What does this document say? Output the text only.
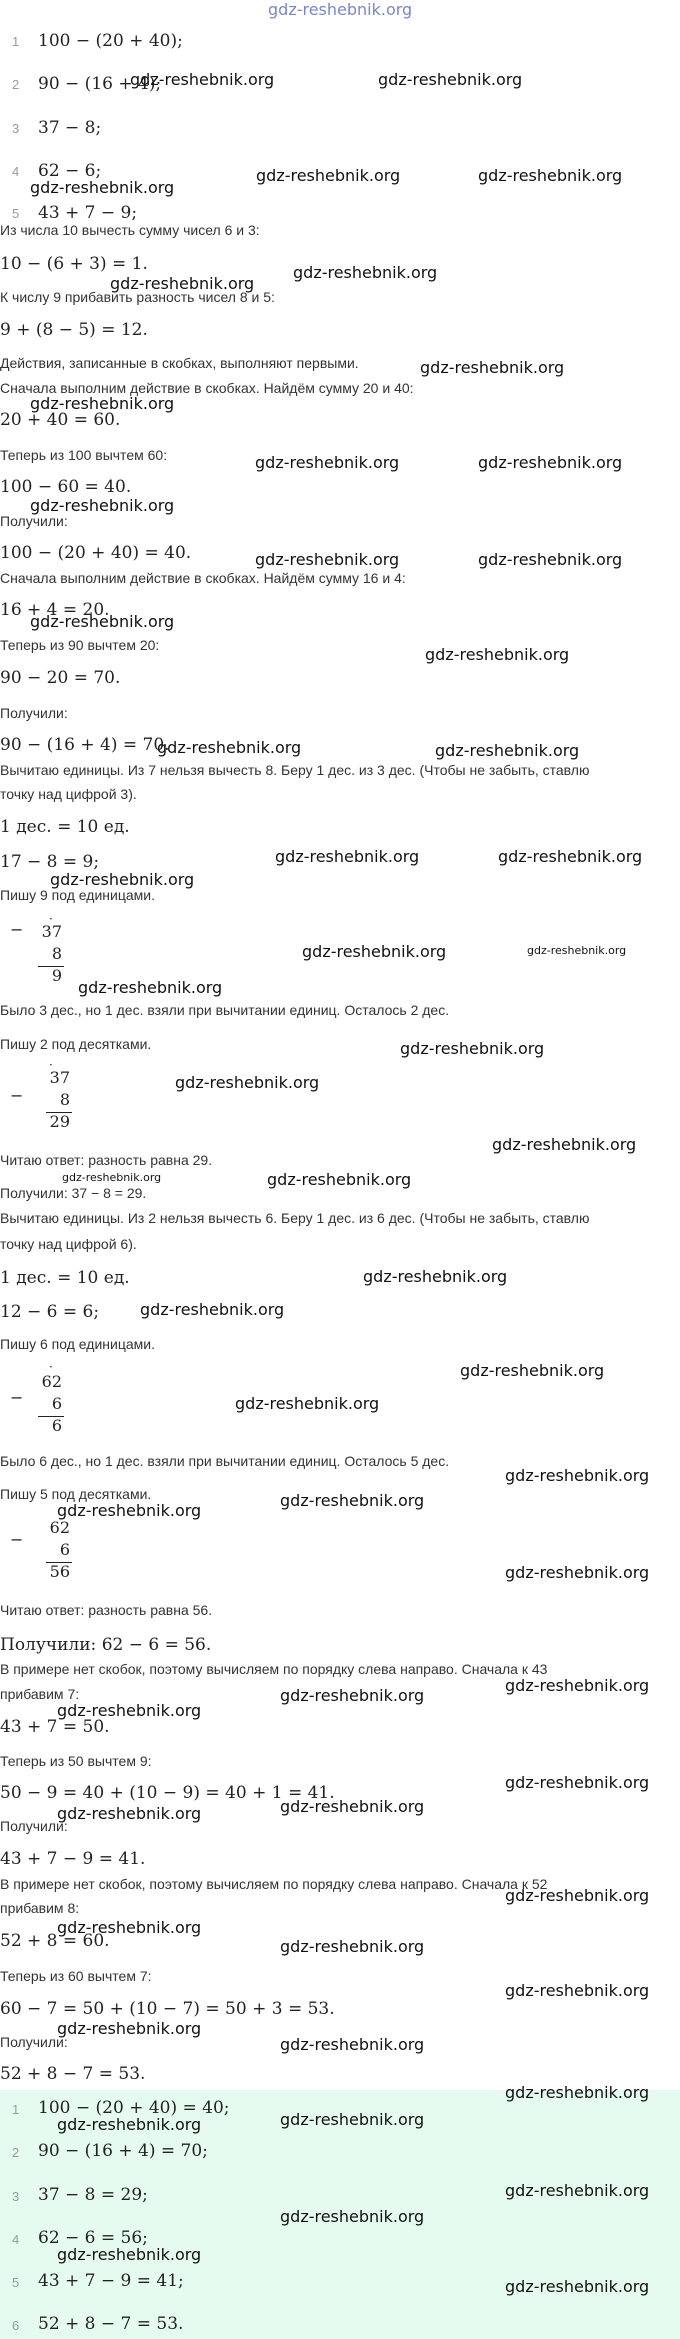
gdz-reshebnik.org
1 100 − (20 + 40);
2 90 − (16 + 4);
3 37 − 8;
4 62 − 6;
5 43 + 7 − 9;
Из числа 10 вычесть сумму чисел 6 и 3:
10 − (6 + 3) = 1.
К числу 9 прибавить разность чисел 8 и 5:
9 + (8 − 5) = 12.
Действия, записанные в скобках, выполняют первыми.
Сначала выполним действие в скобках. Найдём сумму 20 и 40:
20 + 40 = 60.
Теперь из 100 вычтем 60:
100 − 60 = 40.
Получили:
100 − (20 + 40) = 40.
Сначала выполним действие в скобках. Найдём сумму 16 и 4:
16 + 4 = 20.
Теперь из 90 вычтем 20:
90 − 20 = 70.
Получили:
90 − (16 + 4) = 70.
Вычитаю единицы. Из 7 нельзя вычесть 8. Беру 1 дес. из 3 дес. (Чтобы не забыть, ставлю
точку над цифрой 3).
1 дес. = 10 ед.
17 − 8 = 9;
Пишу 9 под единицами.
·
−	37
8
9
Было 3 дес., но 1 дес. взяли при вычитании единиц. Осталось 2 дес.
Пишу 2 под десятками.
·
−
37
8
29
Читаю ответ: разность равна 29.
Получили: 37 − 8 = 29.
Вычитаю единицы. Из 2 нельзя вычесть 6. Беру 1 дес. из 6 дес. (Чтобы не забыть, ставлю
точку над цифрой 6).
1 дес. = 10 ед.
12 − 6 = 6;
Пишу 6 под единицами.
·
−
62
6
6
Было 6 дес., но 1 дес. взяли при вычитании единиц. Осталось 5 дес.
Пишу 5 под десятками.
−
62
6
56
Читаю ответ: разность равна 56.
Получили: 62 − 6 = 56.
В примере нет скобок, поэтому вычисляем по порядку слева направо. Сначала к 43
прибавим 7:
43 + 7 = 50.
Теперь из 50 вычтем 9:
50 − 9 = 40 + (10 − 9) = 40 + 1 = 41.
Получили:
43 + 7 − 9 = 41.
В примере нет скобок, поэтому вычисляем по порядку слева направо. Сначала к 52
прибавим 8:
52 + 8 = 60.
Теперь из 60 вычтем 7:
60 − 7 = 50 + (10 − 7) = 50 + 3 = 53.
Получили:
52 + 8 − 7 = 53.
1 100 − (20 + 40) = 40;
2 90 − (16 + 4) = 70;
3 37 − 8 = 29;
4 62 − 6 = 56;
5 43 + 7 − 9 = 41;
6 52 + 8 − 7 = 53.
gdz-reshebnik.org	gdz-reshebnik.org
gdz-reshebnik.org
gdz-reshebnik.org	gdz-reshebnik.org
gdz-reshebnik.org
gdz-reshebnik.org
gdz-reshebnik.org
gdz-reshebnik.org
gdz-reshebnik.org	gdz-reshebnik.org
gdz-reshebnik.org
gdz-reshebnik.org	gdz-reshebnik.org
gdz-reshebnik.org
gdz-reshebnik.org
gdz-reshebnik.org	gdz-reshebnik.org
gdz-reshebnik.org	gdz-reshebnik.org
gdz-reshebnik.org
gdz-reshebnik.org	gdz-reshebnik.org
gdz-reshebnik.org
gdz-reshebnik.org
gdz-reshebnik.org
gdz-reshebnik.org
gdz-reshebnik.org	gdz-reshebnik.org
gdz-reshebnik.org
gdz-reshebnik.org
gdz-reshebnik.org
gdz-reshebnik.org
gdz-reshebnik.org
gdz-reshebnik.org
gdz-reshebnik.org
gdz-reshebnik.org
gdz-reshebnik.org
gdz-reshebnik.org
gdz-reshebnik.org
gdz-reshebnik.org
gdz-reshebnik.org
gdz-reshebnik.org
gdz-reshebnik.org
gdz-reshebnik.org
gdz-reshebnik.org
gdz-reshebnik.org
gdz-reshebnik.org
gdz-reshebnik.org
gdz-reshebnik.org
gdz-reshebnik.org
gdz-reshebnik.org
gdz-reshebnik.org
gdz-reshebnik.org
gdz-reshebnik.org
gdz-reshebnik.org
